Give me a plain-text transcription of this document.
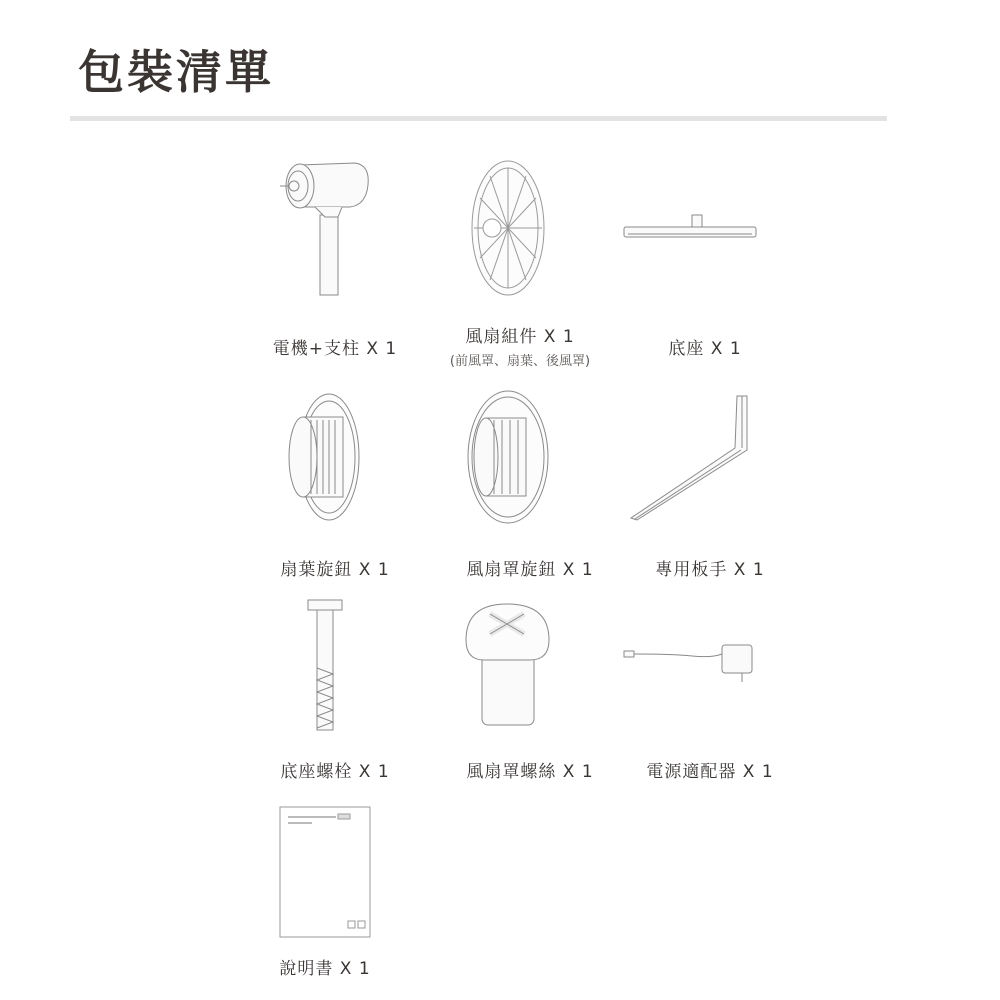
包裝清單
電機+支柱 X 1
風扇組件 X 1
(前風罩、扇葉、後風罩)
底座 X 1
扇葉旋鈕 X 1	風扇罩旋鈕 X 1	專用板手 X 1
底座螺栓 X 1	風扇罩螺絲 X 1	電源適配器 X 1
說明書 X 1
